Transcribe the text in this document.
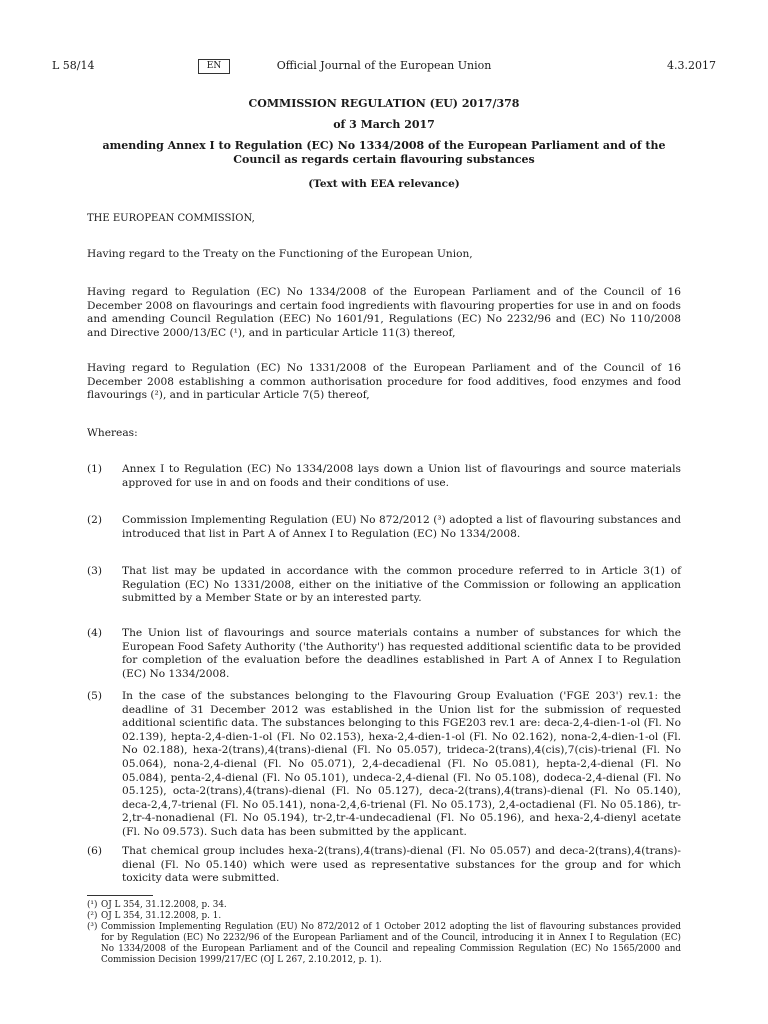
L 58/14	EN	Official Journal of the European Union	4.3.2017
COMMISSION REGULATION (EU) 2017/378
of 3 March 2017
amending Annex I to Regulation (EC) No 1334/2008 of the European Parliament and of the Council as regards certain flavouring substances
(Text with EEA relevance)
THE EUROPEAN COMMISSION,
Having regard to the Treaty on the Functioning of the European Union,
Having regard to Regulation (EC) No 1334/2008 of the European Parliament and of the Council of 16 December 2008 on flavourings and certain food ingredients with flavouring properties for use in and on foods and amending Council Regulation (EEC) No 1601/91, Regulations (EC) No 2232/96 and (EC) No 110/2008 and Directive 2000/13/EC (¹), and in particular Article 11(3) thereof,
Having regard to Regulation (EC) No 1331/2008 of the European Parliament and of the Council of 16 December 2008 establishing a common authorisation procedure for food additives, food enzymes and food flavourings (²), and in particular Article 7(5) thereof,
Whereas:
(1) Annex I to Regulation (EC) No 1334/2008 lays down a Union list of flavourings and source materials approved for use in and on foods and their conditions of use.
(2) Commission Implementing Regulation (EU) No 872/2012 (³) adopted a list of flavouring substances and introduced that list in Part A of Annex I to Regulation (EC) No 1334/2008.
(3) That list may be updated in accordance with the common procedure referred to in Article 3(1) of Regulation (EC) No 1331/2008, either on the initiative of the Commission or following an application submitted by a Member State or by an interested party.
(4) The Union list of flavourings and source materials contains a number of substances for which the European Food Safety Authority ('the Authority') has requested additional scientific data to be provided for completion of the evaluation before the deadlines established in Part A of Annex I to Regulation (EC) No 1334/2008.
(5) In the case of the substances belonging to the Flavouring Group Evaluation ('FGE 203') rev.1: the deadline of 31 December 2012 was established in the Union list for the submission of requested additional scientific data. The substances belonging to this FGE203 rev.1 are: deca-2,4-dien-1-ol (Fl. No 02.139), hepta-2,4-dien-1-ol (Fl. No 02.153), hexa-2,4-dien-1-ol (Fl. No 02.162), nona-2,4-dien-1-ol (Fl. No 02.188), hexa-2(trans),4(trans)-dienal (Fl. No 05.057), trideca-2(trans),4(cis),7(cis)-trienal (Fl. No 05.064), nona-2,4-dienal (Fl. No 05.071), 2,4-decadienal (Fl. No 05.081), hepta-2,4-dienal (Fl. No 05.084), penta-2,4-dienal (Fl. No 05.101), undeca-2,4-dienal (Fl. No 05.108), dodeca-2,4-dienal (Fl. No 05.125), octa-2(trans),4(trans)-dienal (Fl. No 05.127), deca-2(trans),4(trans)-dienal (Fl. No 05.140), deca-2,4,7-trienal (Fl. No 05.141), nona-2,4,6-trienal (Fl. No 05.173), 2,4-octadienal (Fl. No 05.186), tr-2,tr-4-nonadienal (Fl. No 05.194), tr-2,tr-4-undecadienal (Fl. No 05.196), and hexa-2,4-dienyl acetate (Fl. No 09.573). Such data has been submitted by the applicant.
(6) That chemical group includes hexa-2(trans),4(trans)-dienal (Fl. No 05.057) and deca-2(trans),4(trans)-dienal (Fl. No 05.140) which were used as representative substances for the group and for which toxicity data were submitted.
(¹) OJ L 354, 31.12.2008, p. 34.
(²) OJ L 354, 31.12.2008, p. 1.
(³) Commission Implementing Regulation (EU) No 872/2012 of 1 October 2012 adopting the list of flavouring substances provided for by Regulation (EC) No 2232/96 of the European Parliament and of the Council, introducing it in Annex I to Regulation (EC) No 1334/2008 of the European Parliament and of the Council and repealing Commission Regulation (EC) No 1565/2000 and Commission Decision 1999/217/EC (OJ L 267, 2.10.2012, p. 1).
